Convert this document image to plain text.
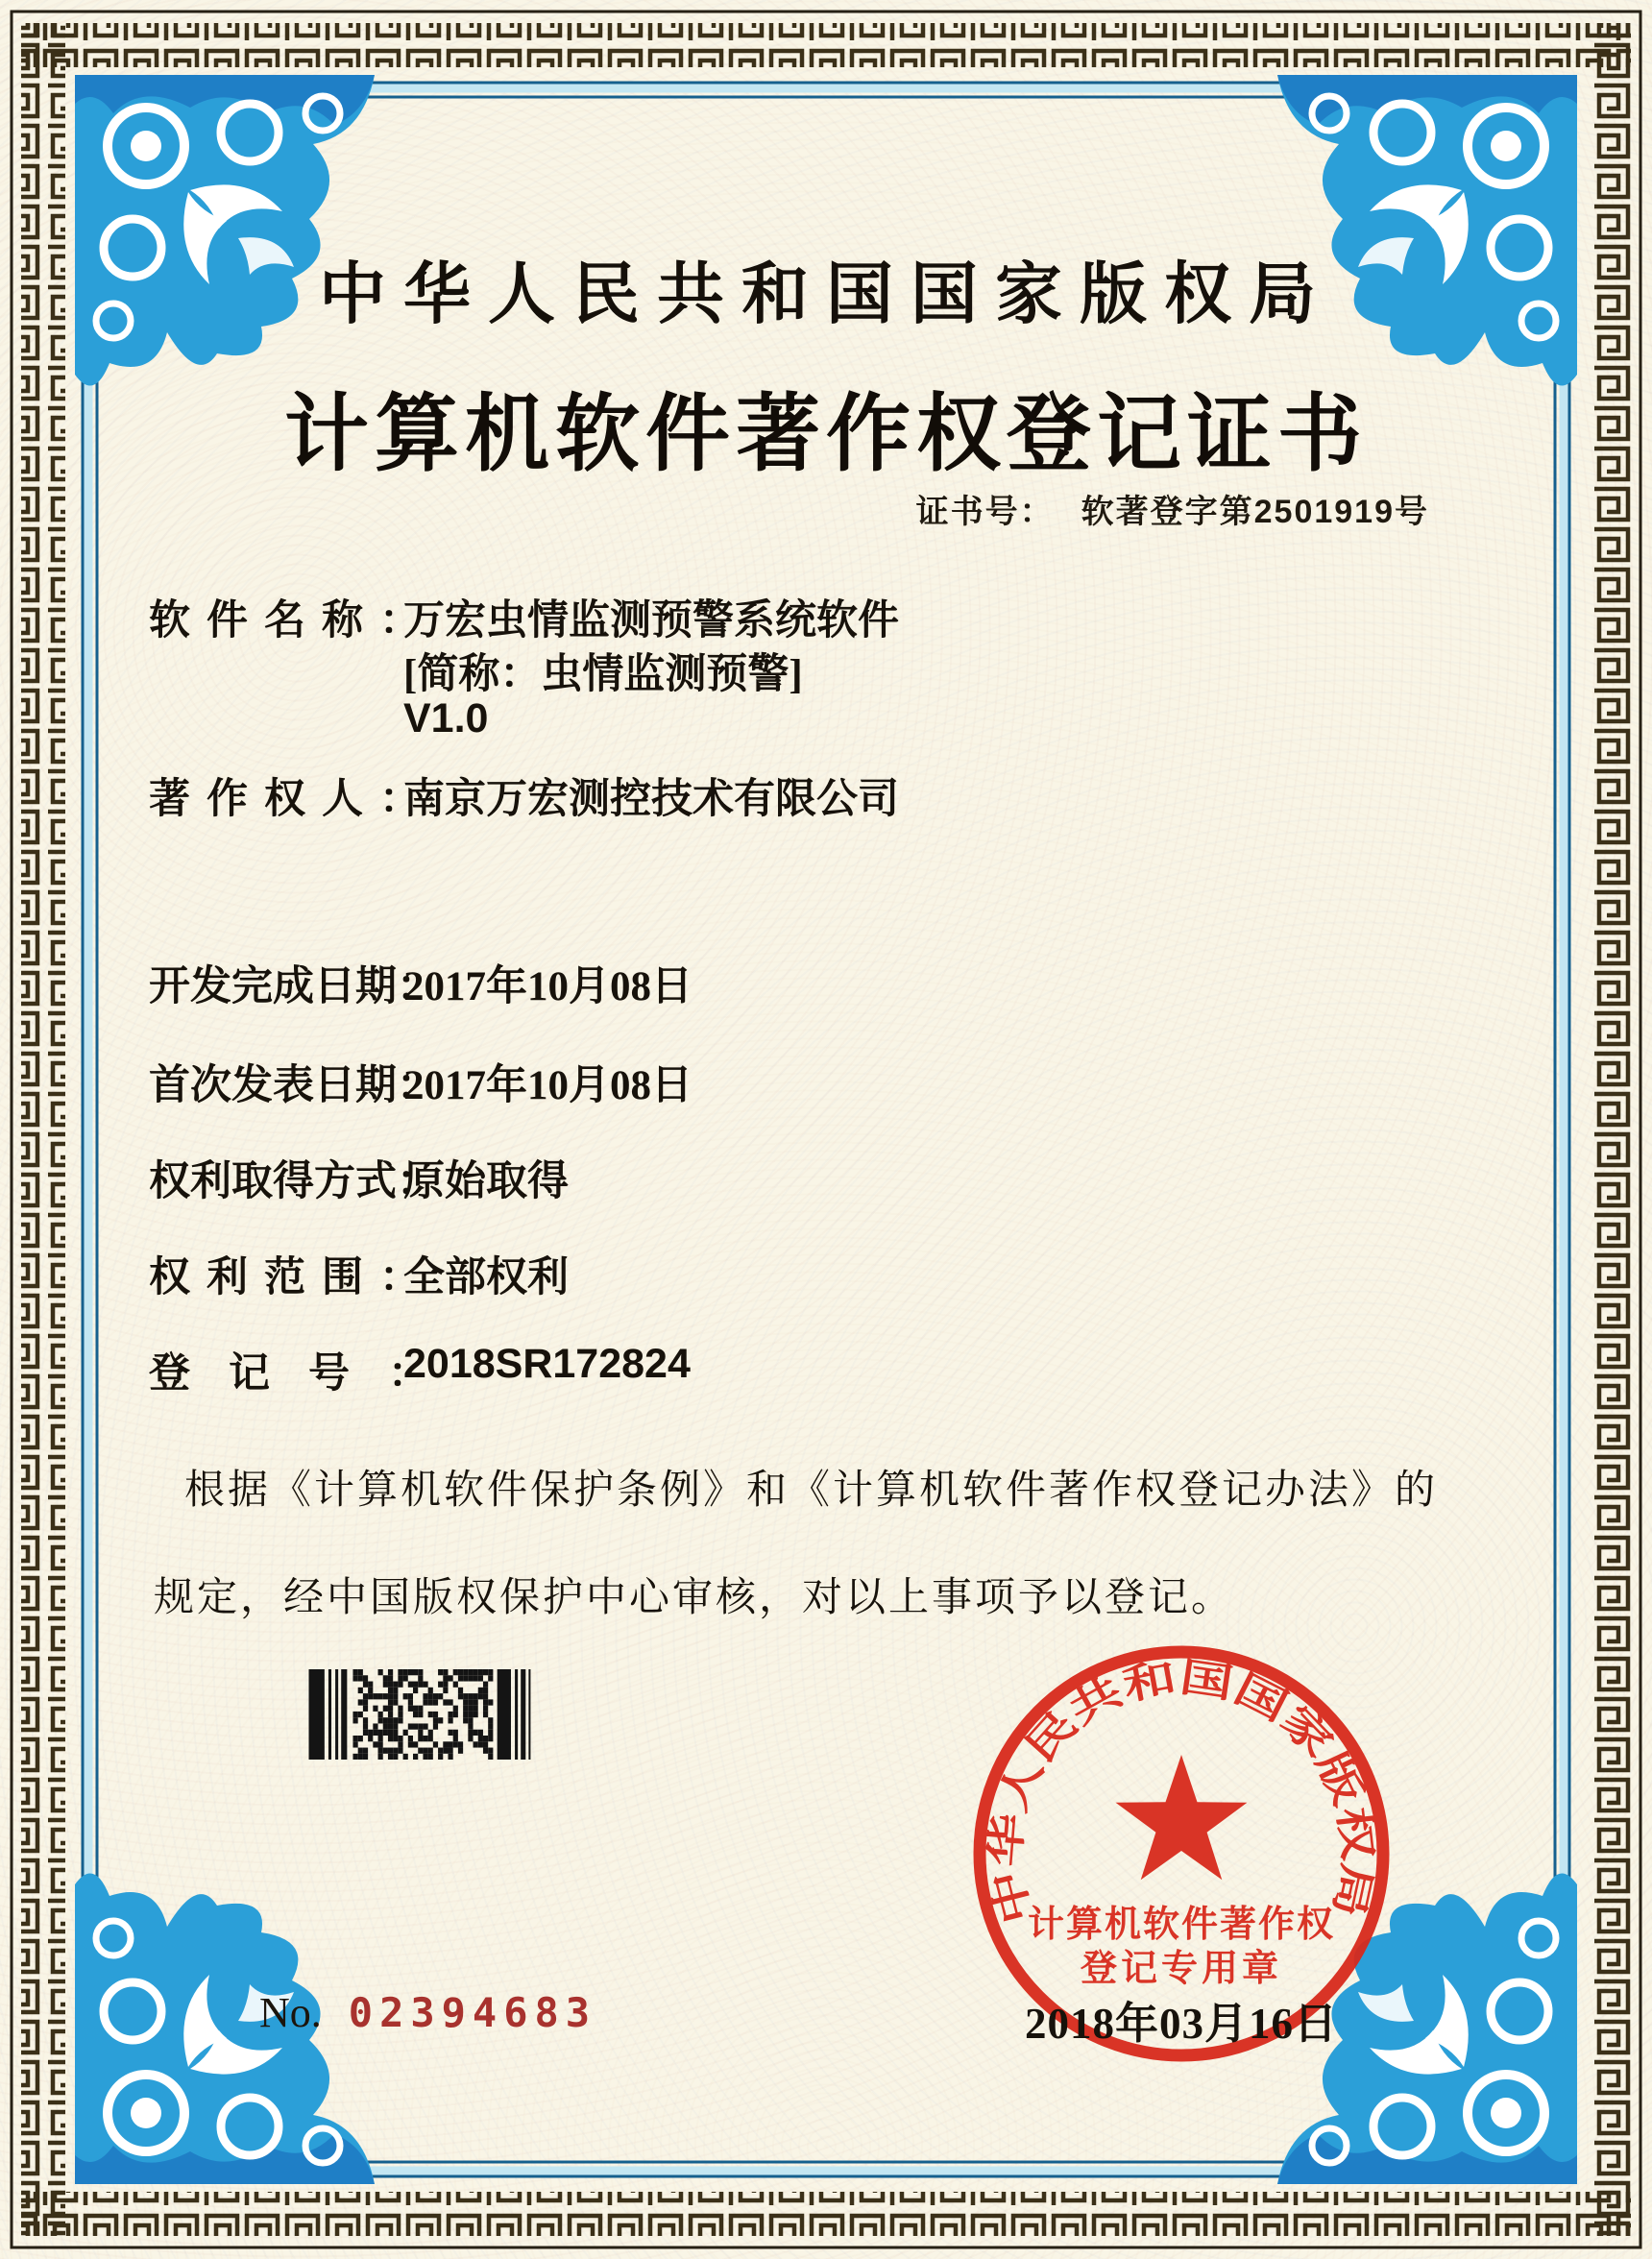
中华人民共和国国家版权局
计算机软件著作权登记证书
证书号： 软著登字第2501919号
软件名称：
万宏虫情监测预警系统软件
[简称：虫情监测预警]
V1.0
著作权人：
南京万宏测控技术有限公司
开发完成日期：
2017年10月08日
首次发表日期：
2017年10月08日
权利取得方式：
原始取得
权利范围：
全部权利
登记号：
2018SR172824
根据《计算机软件保护条例》和《计算机软件著作权登记办法》的
规定，经中国版权保护中心审核，对以上事项予以登记。
中华人民共和国国家版权局
计算机软件著作权
登记专用章
2018年03月16日
No. 02394683
